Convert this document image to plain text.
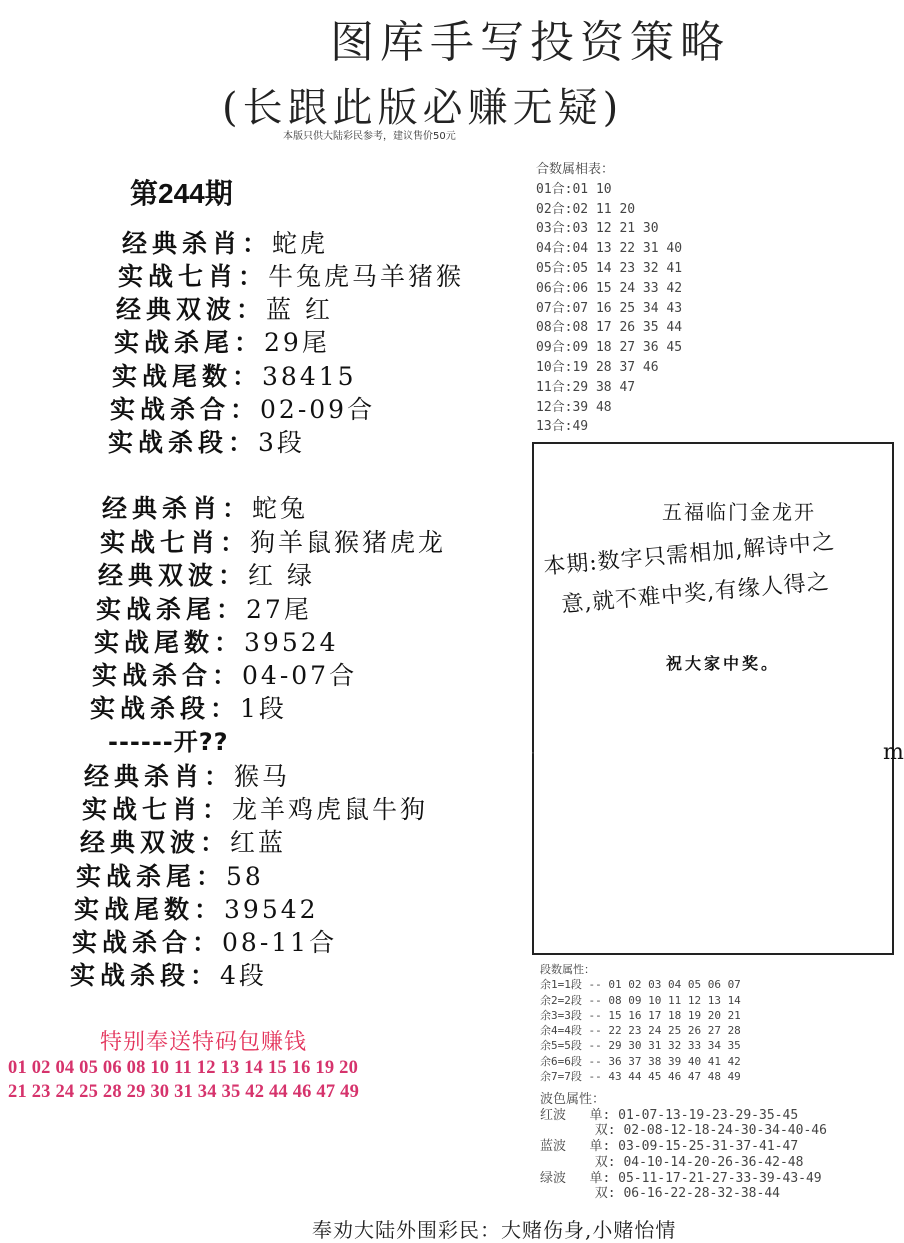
图库手写投资策略
(长跟此版必赚无疑)
本版只供大陆彩民参考，建议售价50元
第244期
经典杀肖：蛇虎
实战七肖：牛兔虎马羊猪猴
经典双波：蓝 红
实战杀尾：29尾
实战尾数：38415
实战杀合：02-09合
实战杀段：3段
经典杀肖：蛇兔
实战七肖：狗羊鼠猴猪虎龙
经典双波：红 绿
实战杀尾：27尾
实战尾数：39524
实战杀合：04-07合
实战杀段：1段
------开??
经典杀肖：猴马
实战七肖：龙羊鸡虎鼠牛狗
经典双波：红蓝
实战杀尾：58
实战尾数：39542
实战杀合：08-11合
实战杀段：4段
合数属相表：
01合:01 10
02合:02 11 20
03合:03 12 21 30
04合:04 13 22 31 40
05合:05 14 23 32 41
06合:06 15 24 33 42
07合:07 16 25 34 43
08合:08 17 26 35 44
09合:09 18 27 36 45
10合:19 28 37 46
11合:29 38 47
12合:39 48
13合:49
五福临门金龙开
本期:数字只需相加,解诗中之
意,就不难中奖,有缘人得之
祝大家中奖。
·	m
段数属性：
余1=1段 -- 01 02 03 04 05 06 07
余2=2段 -- 08 09 10 11 12 13 14
余3=3段 -- 15 16 17 18 19 20 21
余4=4段 -- 22 23 24 25 26 27 28
余5=5段 -- 29 30 31 32 33 34 35
余6=6段 -- 36 37 38 39 40 41 42
余7=7段 -- 43 44 45 46 47 48 49
波色属性：
红波   单: 01-07-13-19-23-29-35-45
双: 02-08-12-18-24-30-34-40-46
蓝波   单: 03-09-15-25-31-37-41-47
双: 04-10-14-20-26-36-42-48
绿波   单: 05-11-17-21-27-33-39-43-49
双: 06-16-22-28-32-38-44
特别奉送特码包赚钱
01 02 04 05 06 08 10 11 12 13 14 15 16 19 20
21 23 24 25 28 29 30 31 34 35 42 44 46 47 49
奉劝大陆外围彩民：大赌伤身,小赌怡情
